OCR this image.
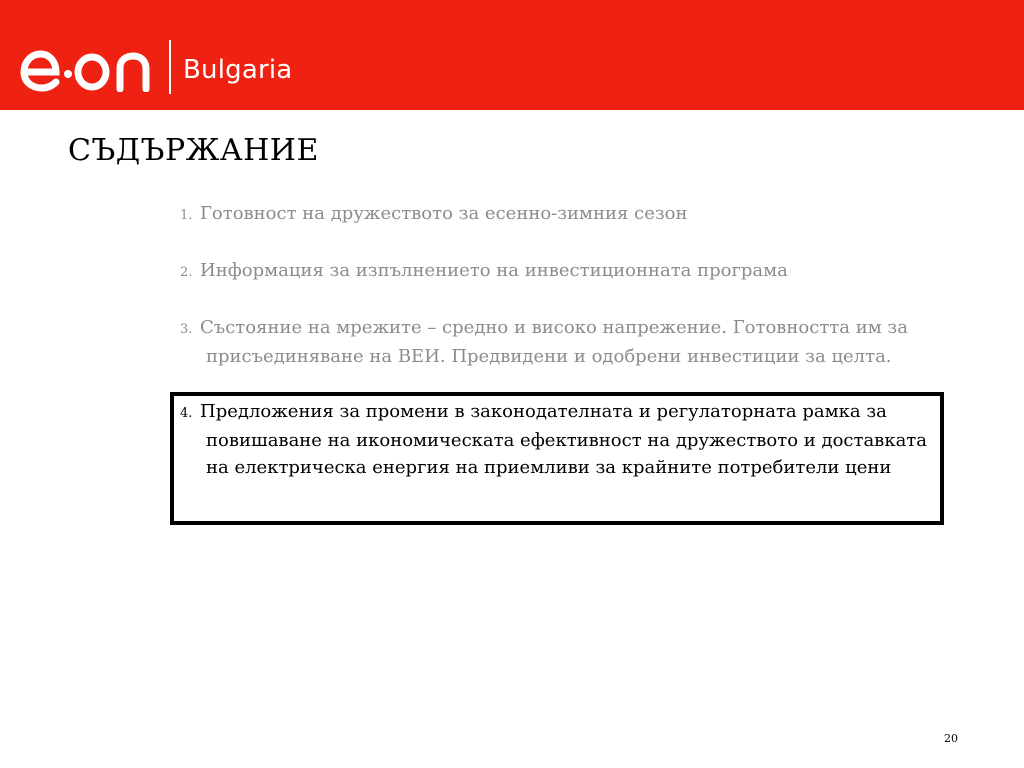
Bulgaria
СЪДЪРЖАНИЕ
1. Готовност на дружеството за есенно-зимния сезон
2. Информация за изпълнението на инвестиционната програма
3. Състояние на мрежите – средно и високо напрежение. Готовността им за присъединяване на ВЕИ. Предвидени и одобрени инвестиции за целта.
4. Предложения за промени в законодателната и регулаторната рамка за повишаване на икономическата ефективност на дружеството и доставката на електрическа енергия на приемливи за крайните потребители цени
20
